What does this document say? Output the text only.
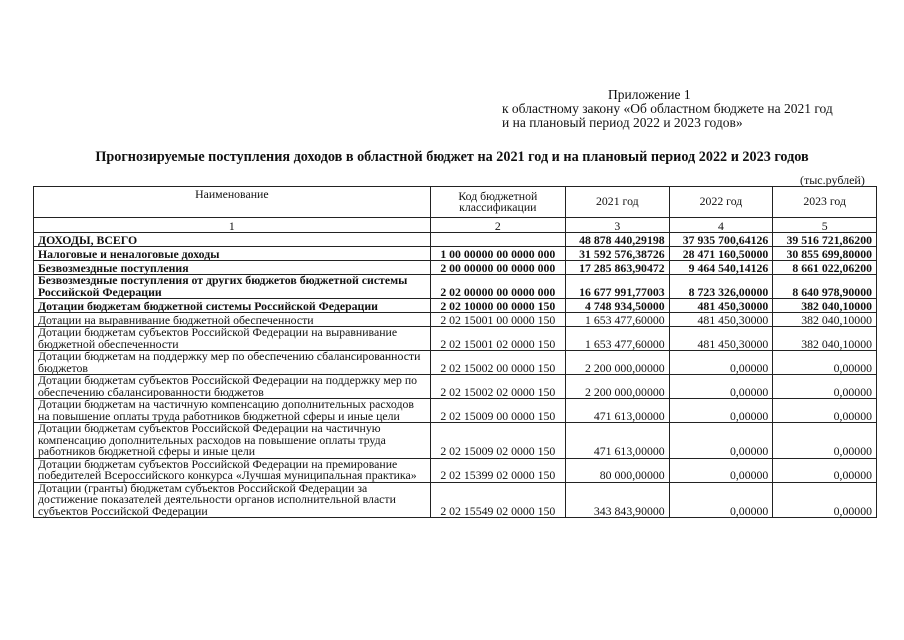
Приложение 1
к областному закону «Об областном бюджете на 2021 год
и на плановый период 2022 и 2023 годов»
Прогнозируемые поступления доходов в областной бюджет на 2021 год и на плановый период 2022 и 2023 годов
(тыс.рублей)
Наименование	Код бюджетной классификации	2021 год	2022 год	2023 год
1	2	3	4	5
ДОХОДЫ, ВСЕГО		48 878 440,29198	37 935 700,64126	39 516 721,86200
Налоговые и неналоговые доходы	1 00 00000 00 0000 000	31 592 576,38726	28 471 160,50000	30 855 699,80000
Безвозмездные поступления	2 00 00000 00 0000 000	17 285 863,90472	9 464 540,14126	8 661 022,06200
Безвозмездные поступления от других бюджетов бюджетной системы Российской Федерации	2 02 00000 00 0000 000	16 677 991,77003	8 723 326,00000	8 640 978,90000
Дотации бюджетам бюджетной системы Российской Федерации	2 02 10000 00 0000 150	4 748 934,50000	481 450,30000	382 040,10000
Дотации на выравнивание бюджетной обеспеченности	2 02 15001 00 0000 150	1 653 477,60000	481 450,30000	382 040,10000
Дотации бюджетам субъектов Российской Федерации на выравнивание бюджетной обеспеченности	2 02 15001 02 0000 150	1 653 477,60000	481 450,30000	382 040,10000
Дотации бюджетам на поддержку мер по обеспечению сбалансированности бюджетов	2 02 15002 00 0000 150	2 200 000,00000	0,00000	0,00000
Дотации бюджетам субъектов Российской Федерации на поддержку мер по обеспечению сбалансированности бюджетов	2 02 15002 02 0000 150	2 200 000,00000	0,00000	0,00000
Дотации бюджетам на частичную компенсацию дополнительных расходов на повышение оплаты труда работников бюджетной сферы и иные цели	2 02 15009 00 0000 150	471 613,00000	0,00000	0,00000
Дотации бюджетам субъектов Российской Федерации на частичную компенсацию дополнительных расходов на повышение оплаты труда работников бюджетной сферы и иные цели	2 02 15009 02 0000 150	471 613,00000	0,00000	0,00000
Дотации бюджетам субъектов Российской Федерации на премирование победителей Всероссийского конкурса «Лучшая муниципальная практика»	2 02 15399 02 0000 150	80 000,00000	0,00000	0,00000
Дотации (гранты) бюджетам субъектов Российской Федерации за достижение показателей деятельности органов исполнительной власти субъектов Российской Федерации	2 02 15549 02 0000 150	343 843,90000	0,00000	0,00000
